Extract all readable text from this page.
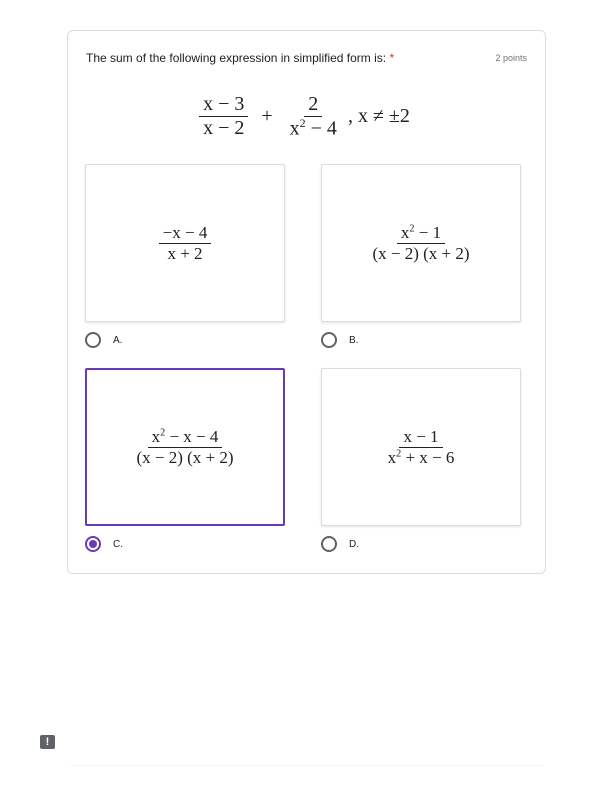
The sum of the following expression in simplified form is: *	2 points
$\frac{x - 3}{x - 2} + \frac{2}{x^2 - 4}$ , x ≠ ±2
$\frac{-x - 4}{x + 2}$
A.
$\frac{x^2 - 1}{(x - 2) (x + 2)}$
B.
$\frac{x^2 - x - 4}{(x - 2) (x + 2)}$
C.
$\frac{x - 1}{x^2 + x - 6}$
D.
!
